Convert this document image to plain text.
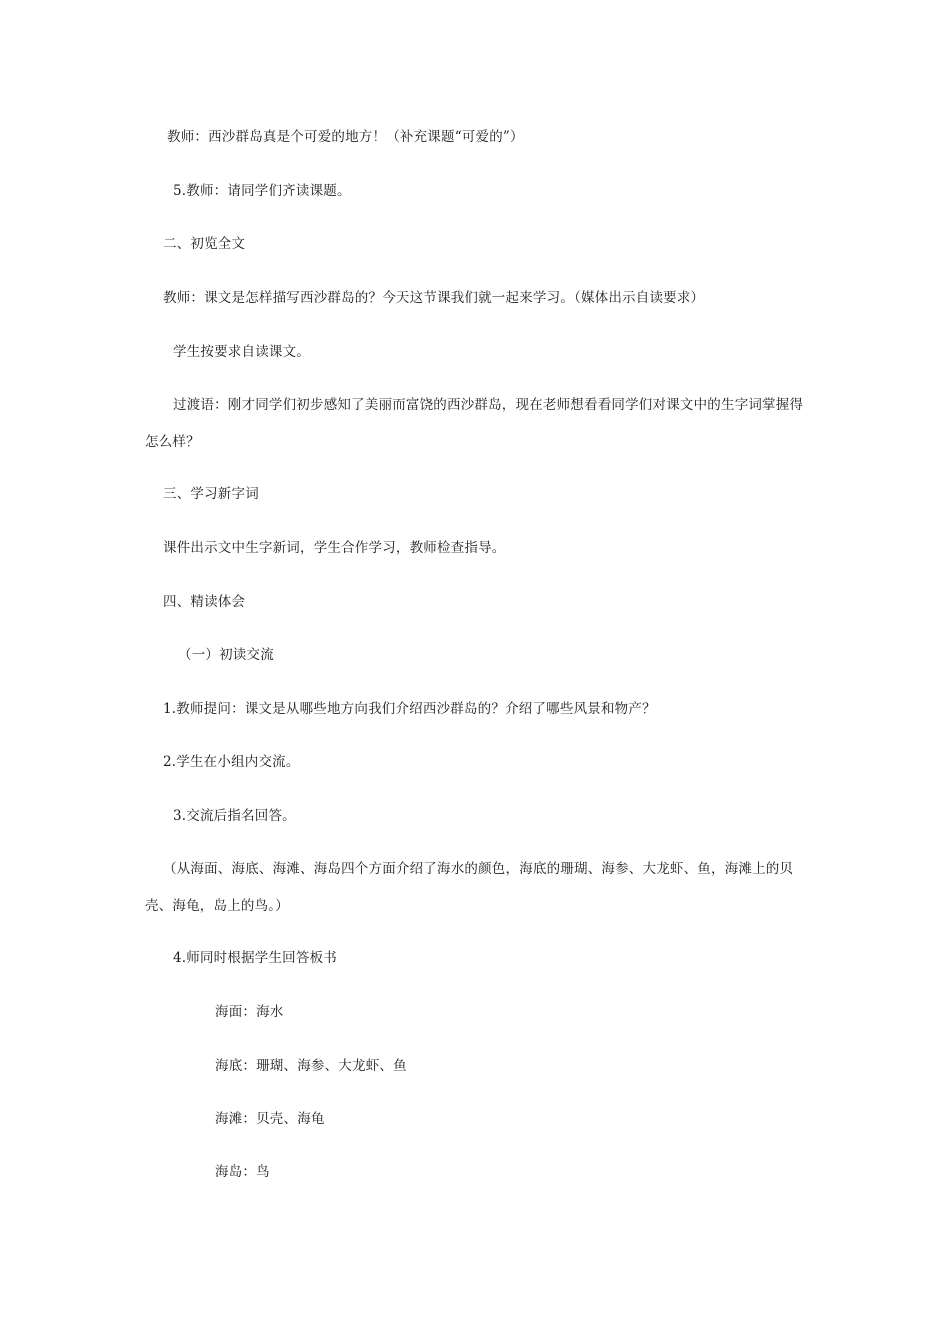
教师：西沙群岛真是个可爱的地方！（补充课题“可爱的”）
5.教师：请同学们齐读课题。
二、初览全文
教师：课文是怎样描写西沙群岛的？今天这节课我们就一起来学习。（媒体出示自读要求）
学生按要求自读课文。
过渡语：刚才同学们初步感知了美丽而富饶的西沙群岛，现在老师想看看同学们对课文中的生字词掌握得怎么样？
三、学习新字词
课件出示文中生字新词，学生合作学习，教师检查指导。
四、精读体会
（一）初读交流
1.教师提问：课文是从哪些地方向我们介绍西沙群岛的？介绍了哪些风景和物产？
2.学生在小组内交流。
3.交流后指名回答。
（从海面、海底、海滩、海岛四个方面介绍了海水的颜色，海底的珊瑚、海参、大龙虾、鱼，海滩上的贝壳、海龟，岛上的鸟。）
4.师同时根据学生回答板书
海面：海水
海底：珊瑚、海参、大龙虾、鱼
海滩：贝壳、海龟
海岛：鸟
